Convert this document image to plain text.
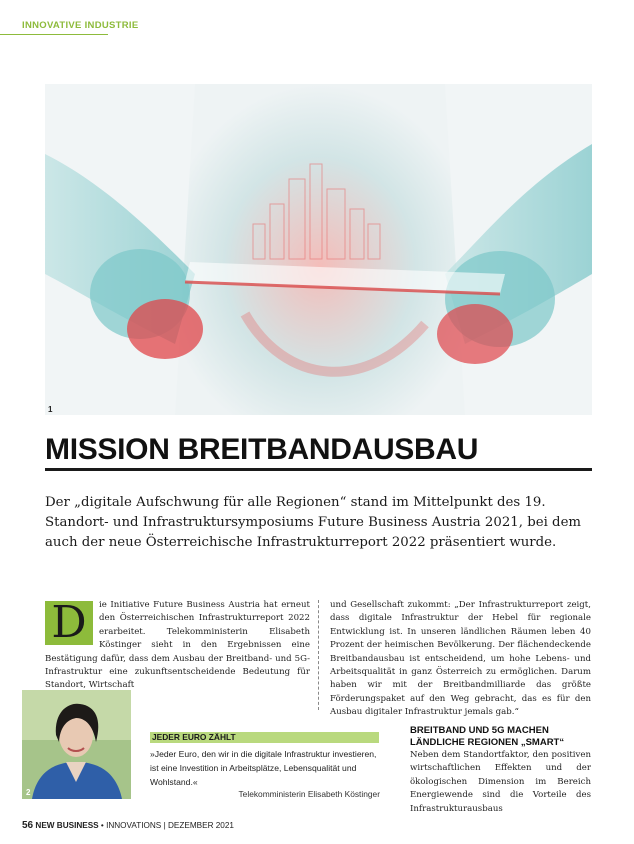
INNOVATIVE INDUSTRIE
1
MISSION BREITBANDAUSBAU

Der „digitale Aufschwung für alle Regionen“ stand im Mittelpunkt des 19. Standort- und Infrastruktursymposiums Future Business Austria 2021, bei dem auch der neue Österreichische Infrastrukturreport 2022 präsentiert wurde.

D	ie Initiative Future Business Austria hat erneut den Österreichischen Infrastrukturreport 2022 erarbeitet. Telekomministerin Elisabeth Köstinger sieht in den Ergebnissen eine Bestätigung dafür, dass dem Ausbau der Breitband- und 5G-Infrastruktur eine zukunftsentscheidende Bedeutung für Standort, Wirtschaft
und Gesellschaft zukommt: „Der Infrastrukturreport zeigt, dass digitale Infrastruktur der Hebel für regionale Entwicklung ist. In unseren ländlichen Räumen leben 40 Prozent der heimischen Bevölkerung. Der flächendeckende Breitbandausbau ist entscheidend, um hohe Lebens- und Arbeitsqualität in ganz Österreich zu ermöglichen. Darum haben wir mit der Breitbandmilliarde das größte Förderungspaket auf den Weg gebracht, das es für den Ausbau digitaler Infrastruktur jemals gab.“
BREITBAND UND 5G MACHEN LÄNDLICHE REGIONEN „SMART“
Neben dem Standortfaktor, den positiven wirtschaftlichen Effekten und der ökologischen Dimension im Bereich Energiewende sind die Vorteile des Infrastrukturausbaus
2
JEDER EURO ZÄHLT
»Jeder Euro, den wir in die digitale Infrastruktur investieren, ist eine Investition in Arbeitsplätze, Lebensqualität und Wohlstand.«
Telekomministerin Elisabeth Köstinger
56 NEW BUSINESS • INNOVATIONS | DEZEMBER 2021
